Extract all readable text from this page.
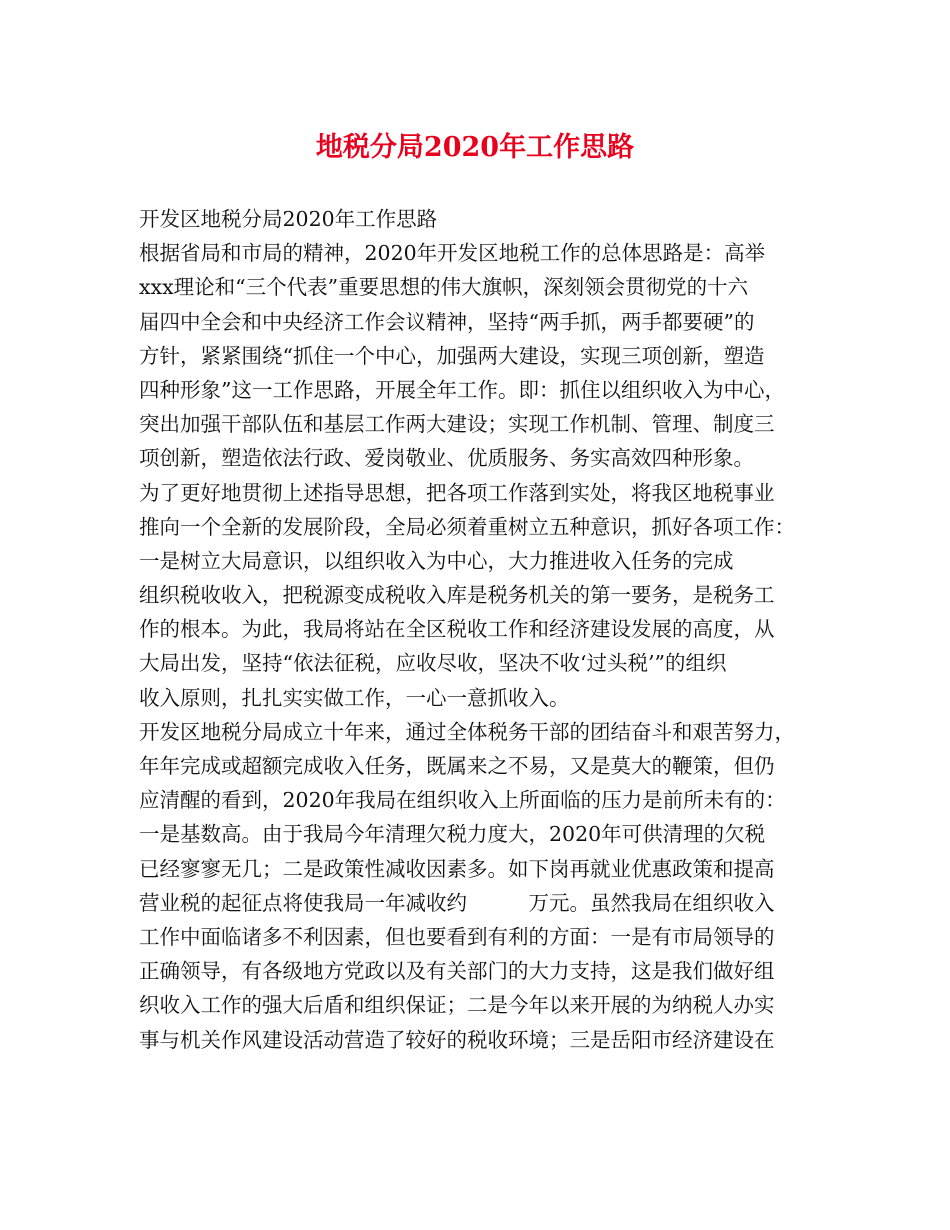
地税分局2020年工作思路
开发区地税分局2020年工作思路
根据省局和市局的精神，2020年开发区地税工作的总体思路是：高举
xxx理论和“三个代表”重要思想的伟大旗帜，深刻领会贯彻党的十六
届四中全会和中央经济工作会议精神，坚持“两手抓，两手都要硬”的
方针，紧紧围绕“抓住一个中心，加强两大建设，实现三项创新，塑造
四种形象”这一工作思路，开展全年工作。即：抓住以组织收入为中心，
突出加强干部队伍和基层工作两大建设；实现工作机制、管理、制度三
项创新，塑造依法行政、爱岗敬业、优质服务、务实高效四种形象。
为了更好地贯彻上述指导思想，把各项工作落到实处，将我区地税事业
推向一个全新的发展阶段，全局必须着重树立五种意识，抓好各项工作：
一是树立大局意识，以组织收入为中心，大力推进收入任务的完成
组织税收收入，把税源变成税收入库是税务机关的第一要务，是税务工
作的根本。为此，我局将站在全区税收工作和经济建设发展的高度，从
大局出发，坚持“依法征税，应收尽收，坚决不收‘过头税’”的组织
收入原则，扎扎实实做工作，一心一意抓收入。
开发区地税分局成立十年来，通过全体税务干部的团结奋斗和艰苦努力，
年年完成或超额完成收入任务，既属来之不易，又是莫大的鞭策，但仍
应清醒的看到，2020年我局在组织收入上所面临的压力是前所未有的：
一是基数高。由于我局今年清理欠税力度大，2020年可供清理的欠税
已经寥寥无几；二是政策性减收因素多。如下岗再就业优惠政策和提高
营业税的起征点将使我局一年减收约　　　万元。虽然我局在组织收入
工作中面临诸多不利因素，但也要看到有利的方面：一是有市局领导的
正确领导，有各级地方党政以及有关部门的大力支持，这是我们做好组
织收入工作的强大后盾和组织保证；二是今年以来开展的为纳税人办实
事与机关作风建设活动营造了较好的税收环境；三是岳阳市经济建设在
